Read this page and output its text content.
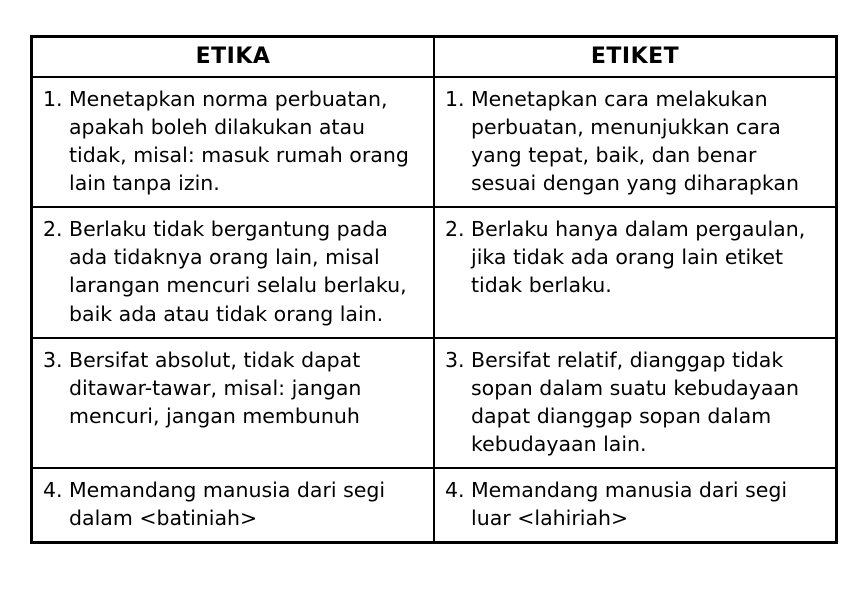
ETIKA	ETIKET

1. Menetapkan norma perbuatan, apakah boleh dilakukan atau tidak, misal: masuk rumah orang lain tanpa izin.	1. Menetapkan cara melakukan perbuatan, menunjukkan cara yang tepat, baik, dan benar sesuai dengan yang diharapkan

2. Berlaku tidak bergantung pada ada tidaknya orang lain, misal larangan mencuri selalu berlaku, baik ada atau tidak orang lain.	2. Berlaku hanya dalam pergaulan, jika tidak ada orang lain etiket tidak berlaku.

3. Bersifat absolut, tidak dapat ditawar-tawar, misal: jangan mencuri, jangan membunuh	3. Bersifat relatif, dianggap tidak sopan dalam suatu kebudayaan dapat dianggap sopan dalam kebudayaan lain.

4. Memandang manusia dari segi dalam <batiniah>	4. Memandang manusia dari segi luar <lahiriah>
